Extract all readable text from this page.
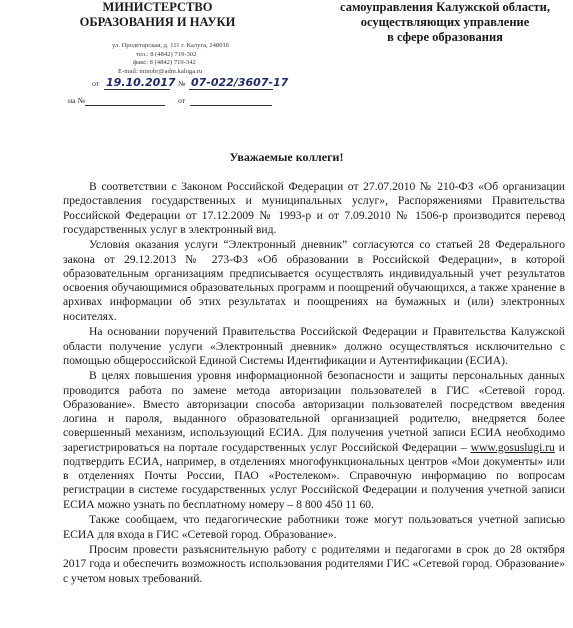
МИНИСТЕРСТВО
ОБРАЗОВАНИЯ И НАУКИ
ул. Пролетарская, д. 111 г. Калуга, 248016
тел.: 8 (4842) 719-302
факс: 8 (4842) 719-342
E-mail: minobr@adm.kaluga.ru
самоуправления Калужской области,
осуществляющих управление
в сфере образования
от 19.10.2017 № 07-022/3607-17
на №	от
Уважаемые коллеги!

В соответствии с Законом Российской Федерации от 27.07.2010 № 210-ФЗ «Об организации предоставления государственных и муниципальных услуг», Распоряжениями Правительства Российской Федерации от 17.12.2009 № 1993-р и от 7.09.2010 № 1506-р производится перевод государственных услуг в электронный вид.

Условия оказания услуги “Электронный дневник” согласуются со статьей 28 Федерального закона от 29.12.2013 № 273-ФЗ «Об образовании в Российской Федерации», в которой образовательным организациям предписывается осуществлять индивидуальный учет результатов освоения обучающимися образовательных программ и поощрений обучающихся, а также хранение в архивах информации об этих результатах и поощрениях на бумажных и (или) электронных носителях.

На основании поручений Правительства Российской Федерации и Правительства Калужской области получение услуги «Электронный дневник» должно осуществляться исключительно с помощью общероссийской Единой Системы Идентификации и Аутентификации (ЕСИА).

В целях повышения уровня информационной безопасности и защиты персональных данных проводится работа по замене метода авторизации пользователей в ГИС «Сетевой город. Образование». Вместо авторизации способа авторизации пользователей посредством введения логина и пароля, выданного образовательной организацией родителю, внедряется более совершенный механизм, использующий ЕСИА. Для получения учетной записи ЕСИА необходимо зарегистрироваться на портале государственных услуг Российской Федерации – www.gosuslugi.ru и подтвердить ЕСИА, например, в отделениях многофункциональных центров «Мои документы» или в отделениях Почты России, ПАО «Ростелеком». Справочную информацию по вопросам регистрации в системе государственных услуг Российской Федерации и получения учетной записи ЕСИА можно узнать по бесплатному номеру – 8 800 450 11 60.

Также сообщаем, что педагогические работники тоже могут пользоваться учетной записью ЕСИА для входа в ГИС «Сетевой город. Образование».

Просим провести разъяснительную работу с родителями и педагогами в срок до 28 октября 2017 года и обеспечить возможность использования родителями ГИС «Сетевой город. Образование» с учетом новых требований.
